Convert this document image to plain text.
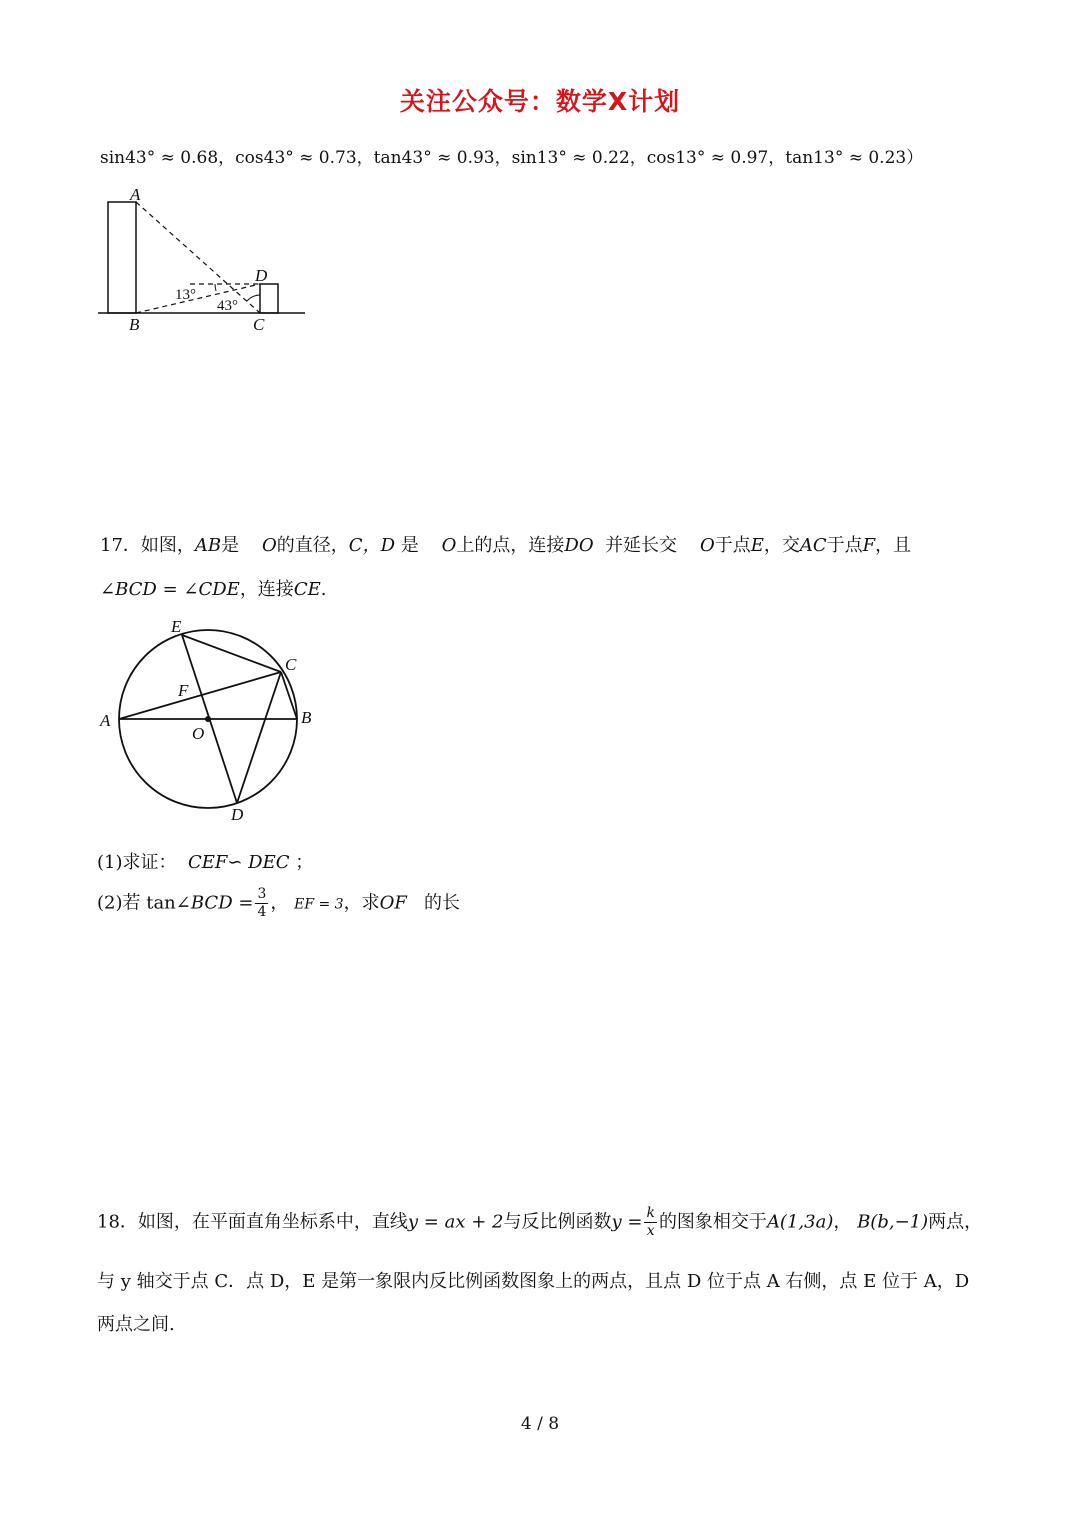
关注公众号：数学X计划
sin43° ≈ 0.68，cos43° ≈ 0.73，tan43° ≈ 0.93，sin13° ≈ 0.22，cos13° ≈ 0.97，tan13° ≈ 0.23）
A
B	C
D
13°
43°
17．如图，AB是 O的直径，C，D 是 O上的点，连接DO 并延长交 O于点E，交AC于点F，且
∠BCD = ∠CDE，连接CE.
E
C
F
A	B
O
D
(1)求证： CEF∽ DEC ；
(2)若 tan∠BCD = $\frac{3}{4}$ ， EF = 3，求OF 的长
18．如图，在平面直角坐标系中，直线y = ax + 2与反比例函数$y = \frac{k}{x}$ 的图象相交于A(1,3a)， B(b,−1)两点，
与 y 轴交于点 C．点 D，E 是第一象限内反比例函数图象上的两点，且点 D 位于点 A 右侧，点 E 位于 A，D
两点之间.
4 / 8
